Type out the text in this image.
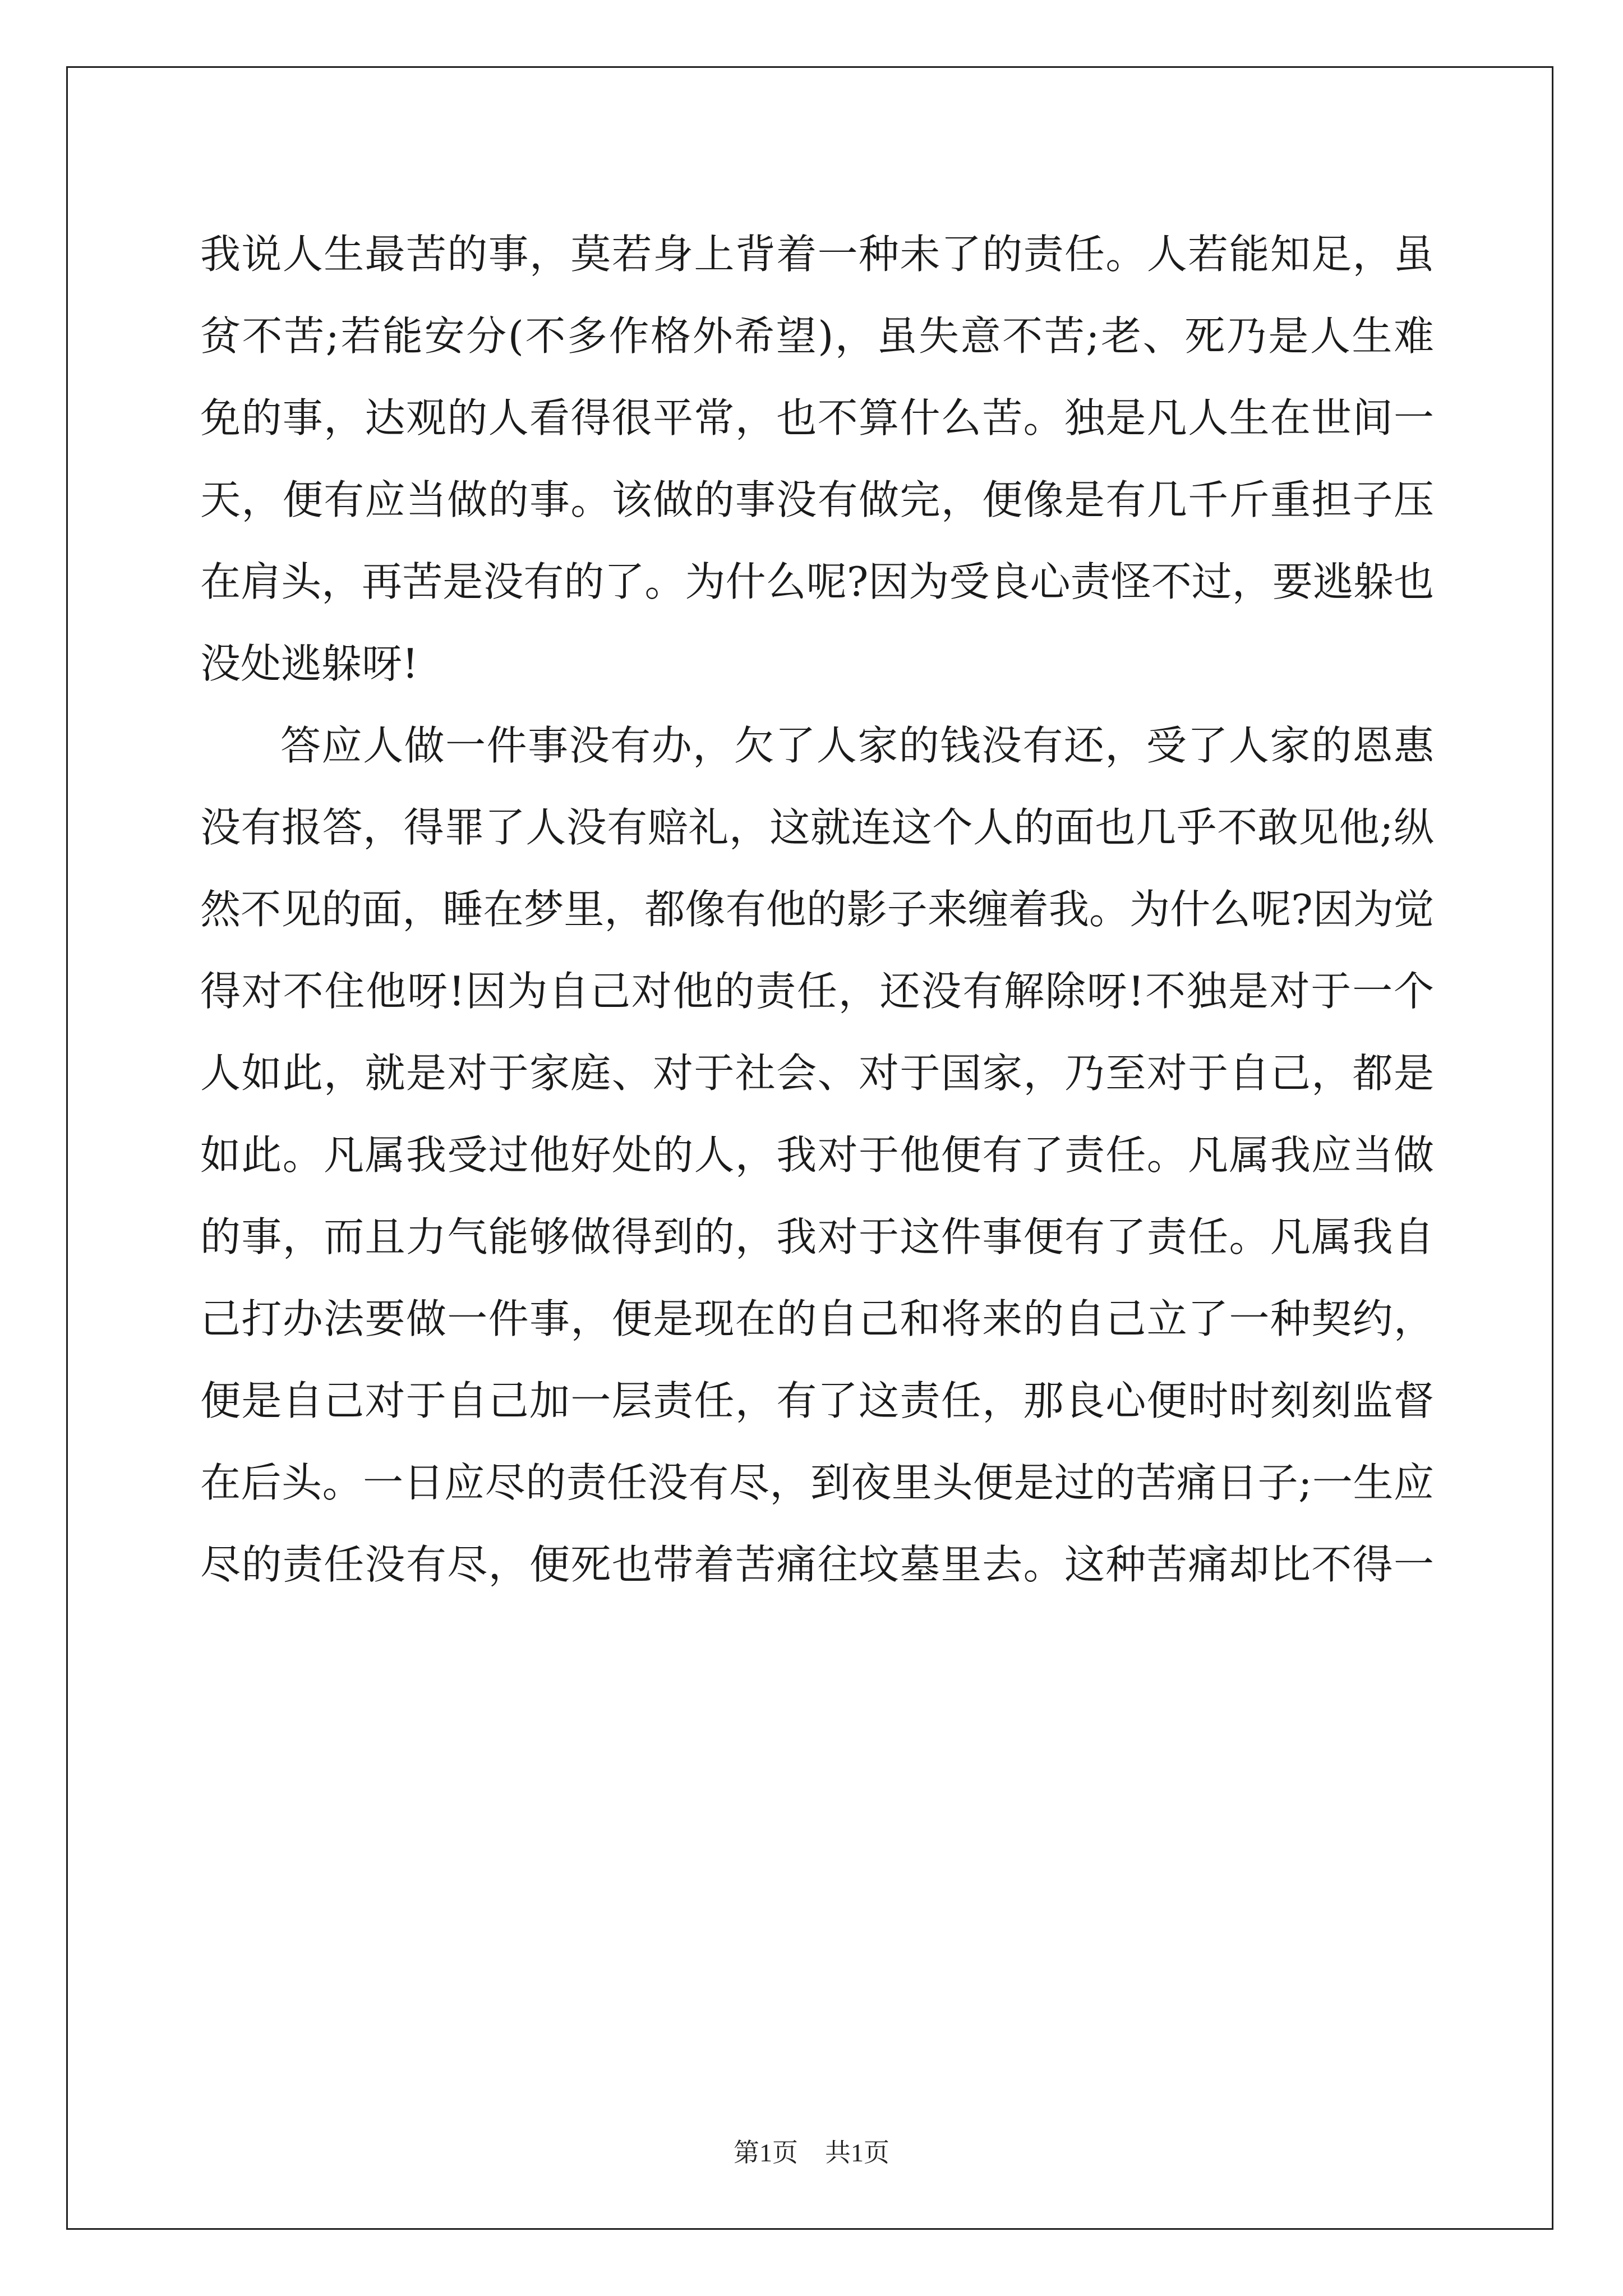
我说人生最苦的事，莫若身上背着一种未了的责任。人若能知足，虽
贫不苦;若能安分(不多作格外希望)，虽失意不苦;老、死乃是人生难
免的事，达观的人看得很平常，也不算什么苦。独是凡人生在世间一
天，便有应当做的事。该做的事没有做完，便像是有几千斤重担子压
在肩头，再苦是没有的了。为什么呢?因为受良心责怪不过，要逃躲也
没处逃躲呀!
答应人做一件事没有办，欠了人家的钱没有还，受了人家的恩惠
没有报答，得罪了人没有赔礼，这就连这个人的面也几乎不敢见他;纵
然不见的面，睡在梦里，都像有他的影子来缠着我。为什么呢?因为觉
得对不住他呀!因为自己对他的责任，还没有解除呀!不独是对于一个
人如此，就是对于家庭、对于社会、对于国家，乃至对于自己，都是
如此。凡属我受过他好处的人，我对于他便有了责任。凡属我应当做
的事，而且力气能够做得到的，我对于这件事便有了责任。凡属我自
己打办法要做一件事，便是现在的自己和将来的自己立了一种契约，
便是自己对于自己加一层责任，有了这责任，那良心便时时刻刻监督
在后头。一日应尽的责任没有尽，到夜里头便是过的苦痛日子;一生应
尽的责任没有尽，便死也带着苦痛往坟墓里去。这种苦痛却比不得一
第1页 共1页
